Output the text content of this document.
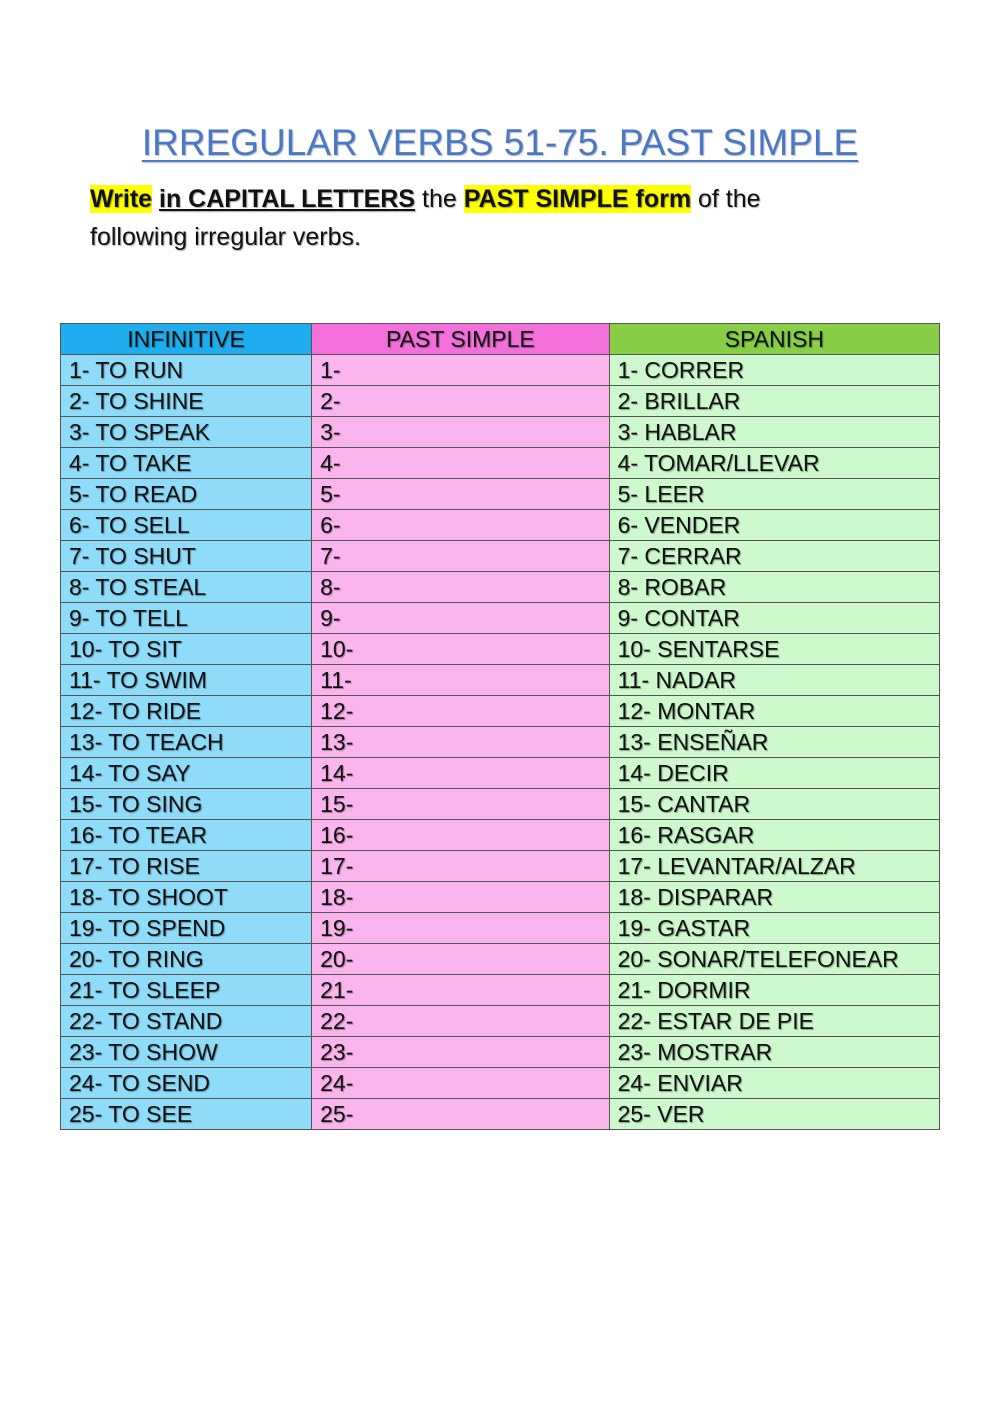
IRREGULAR VERBS 51-75. PAST SIMPLE
Write in CAPITAL LETTERS the PAST SIMPLE form of the following irregular verbs.
INFINITIVE	PAST SIMPLE	SPANISH
1- TO RUN	1-	1- CORRER
2- TO SHINE	2-	2- BRILLAR
3- TO SPEAK	3-	3- HABLAR
4- TO TAKE	4-	4- TOMAR/LLEVAR
5- TO READ	5-	5- LEER
6- TO SELL	6-	6- VENDER
7- TO SHUT	7-	7- CERRAR
8- TO STEAL	8-	8- ROBAR
9- TO TELL	9-	9- CONTAR
10- TO SIT	10-	10- SENTARSE
11- TO SWIM	11-	11- NADAR
12- TO RIDE	12-	12- MONTAR
13- TO TEACH	13-	13- ENSEÑAR
14- TO SAY	14-	14- DECIR
15- TO SING	15-	15- CANTAR
16- TO TEAR	16-	16- RASGAR
17- TO RISE	17-	17- LEVANTAR/ALZAR
18- TO SHOOT	18-	18- DISPARAR
19- TO SPEND	19-	19- GASTAR
20- TO RING	20-	20- SONAR/TELEFONEAR
21- TO SLEEP	21-	21- DORMIR
22- TO STAND	22-	22- ESTAR DE PIE
23- TO SHOW	23-	23- MOSTRAR
24- TO SEND	24-	24- ENVIAR
25- TO SEE	25-	25- VER
